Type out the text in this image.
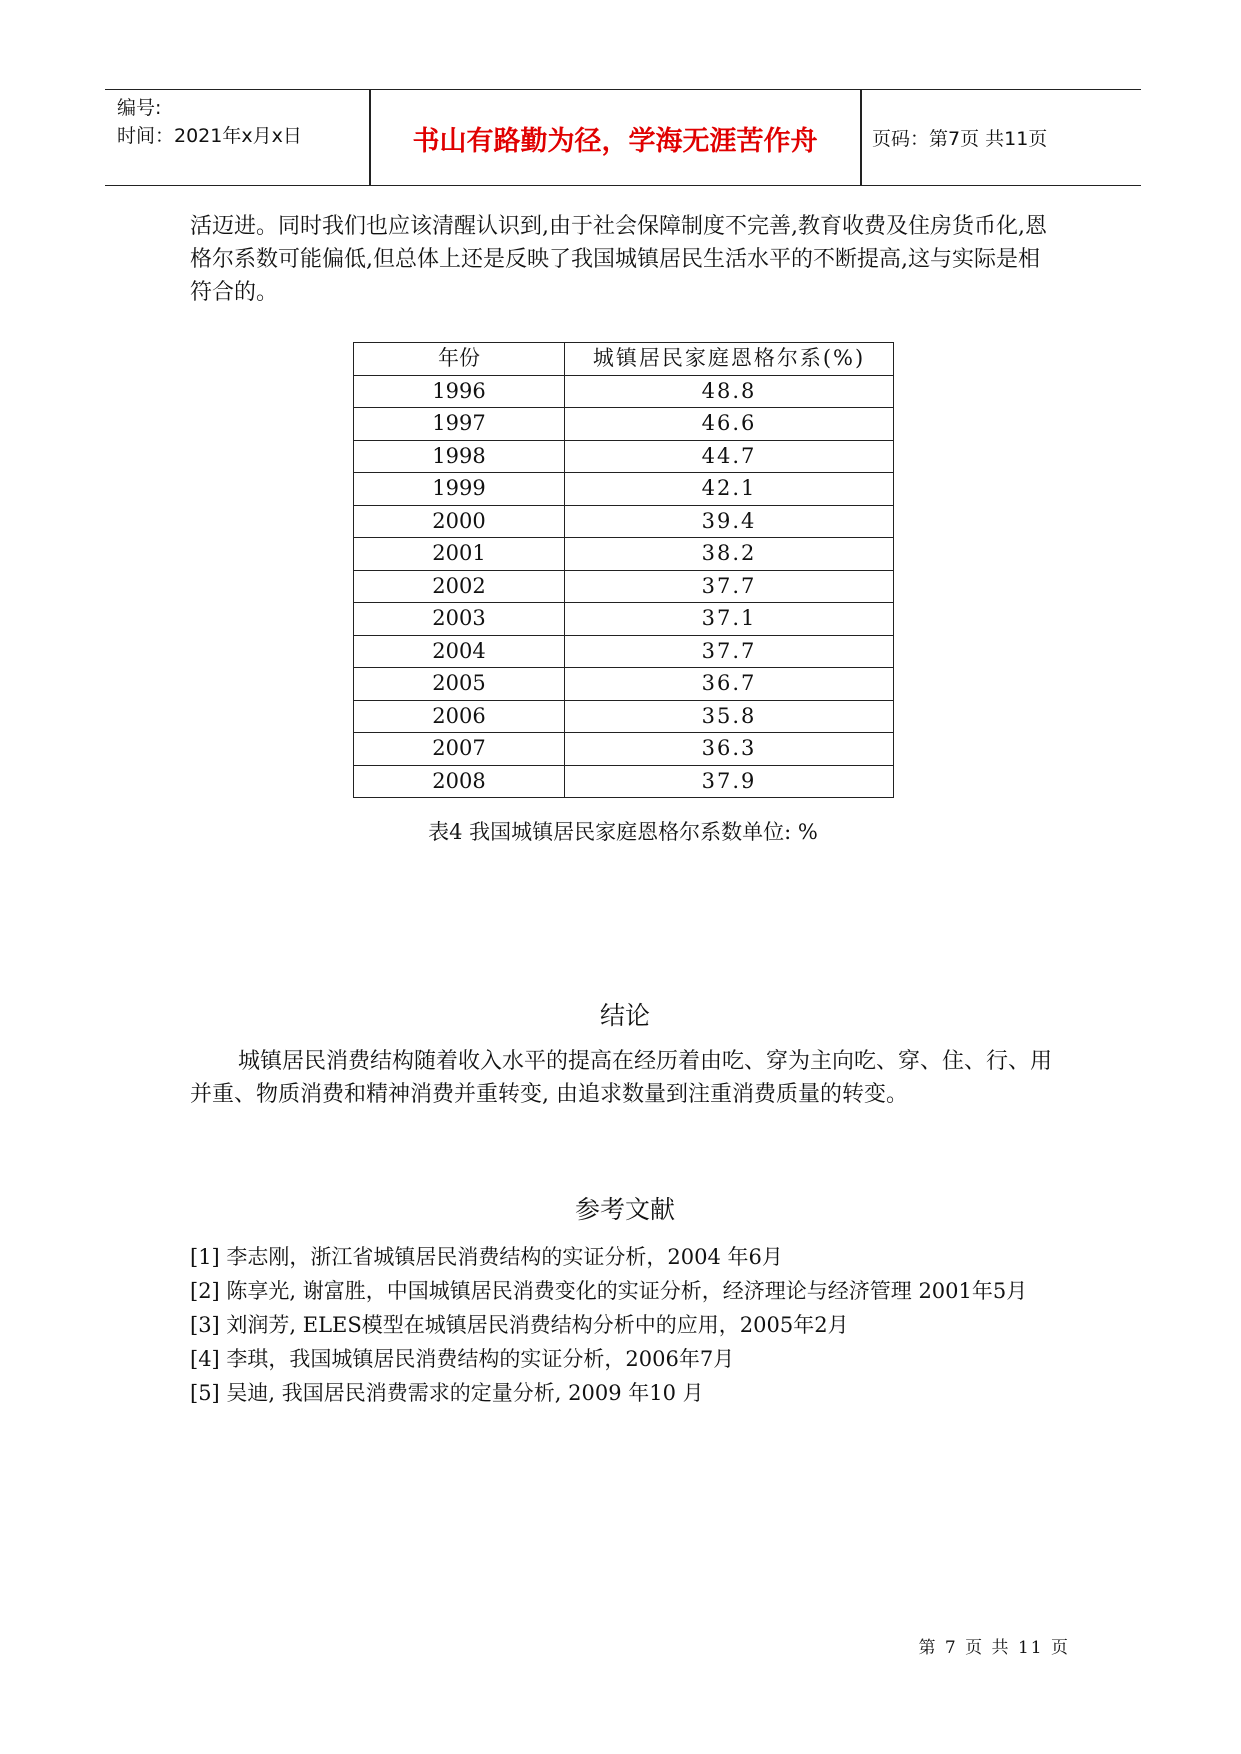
编号:
时间：2021年x月x日	书山有路勤为径，学海无涯苦作舟	页码：第7页 共11页
活迈进。同时我们也应该清醒认识到,由于社会保障制度不完善,教育收费及住房货币化,恩格尔系数可能偏低,但总体上还是反映了我国城镇居民生活水平的不断提高,这与实际是相符合的。
年份	城镇居民家庭恩格尔系(%)
1996	48.8
1997	46.6
1998	44.7
1999	42.1
2000	39.4
2001	38.2
2002	37.7
2003	37.1
2004	37.7
2005	36.7
2006	35.8
2007	36.3
2008	37.9
表4 我国城镇居民家庭恩格尔系数单位: %
结论
城镇居民消费结构随着收入水平的提高在经历着由吃、穿为主向吃、穿、住、行、用并重、物质消费和精神消费并重转变, 由追求数量到注重消费质量的转变。
参考文献

[1] 李志刚，浙江省城镇居民消费结构的实证分析，2004 年6月

[2] 陈享光, 谢富胜，中国城镇居民消费变化的实证分析，经济理论与经济管理 2001年5月

[3] 刘润芳, ELES模型在城镇居民消费结构分析中的应用，2005年2月

[4] 李琪，我国城镇居民消费结构的实证分析，2006年7月

[5] 吴迪, 我国居民消费需求的定量分析, 2009 年10 月

第 7 页 共 11 页
